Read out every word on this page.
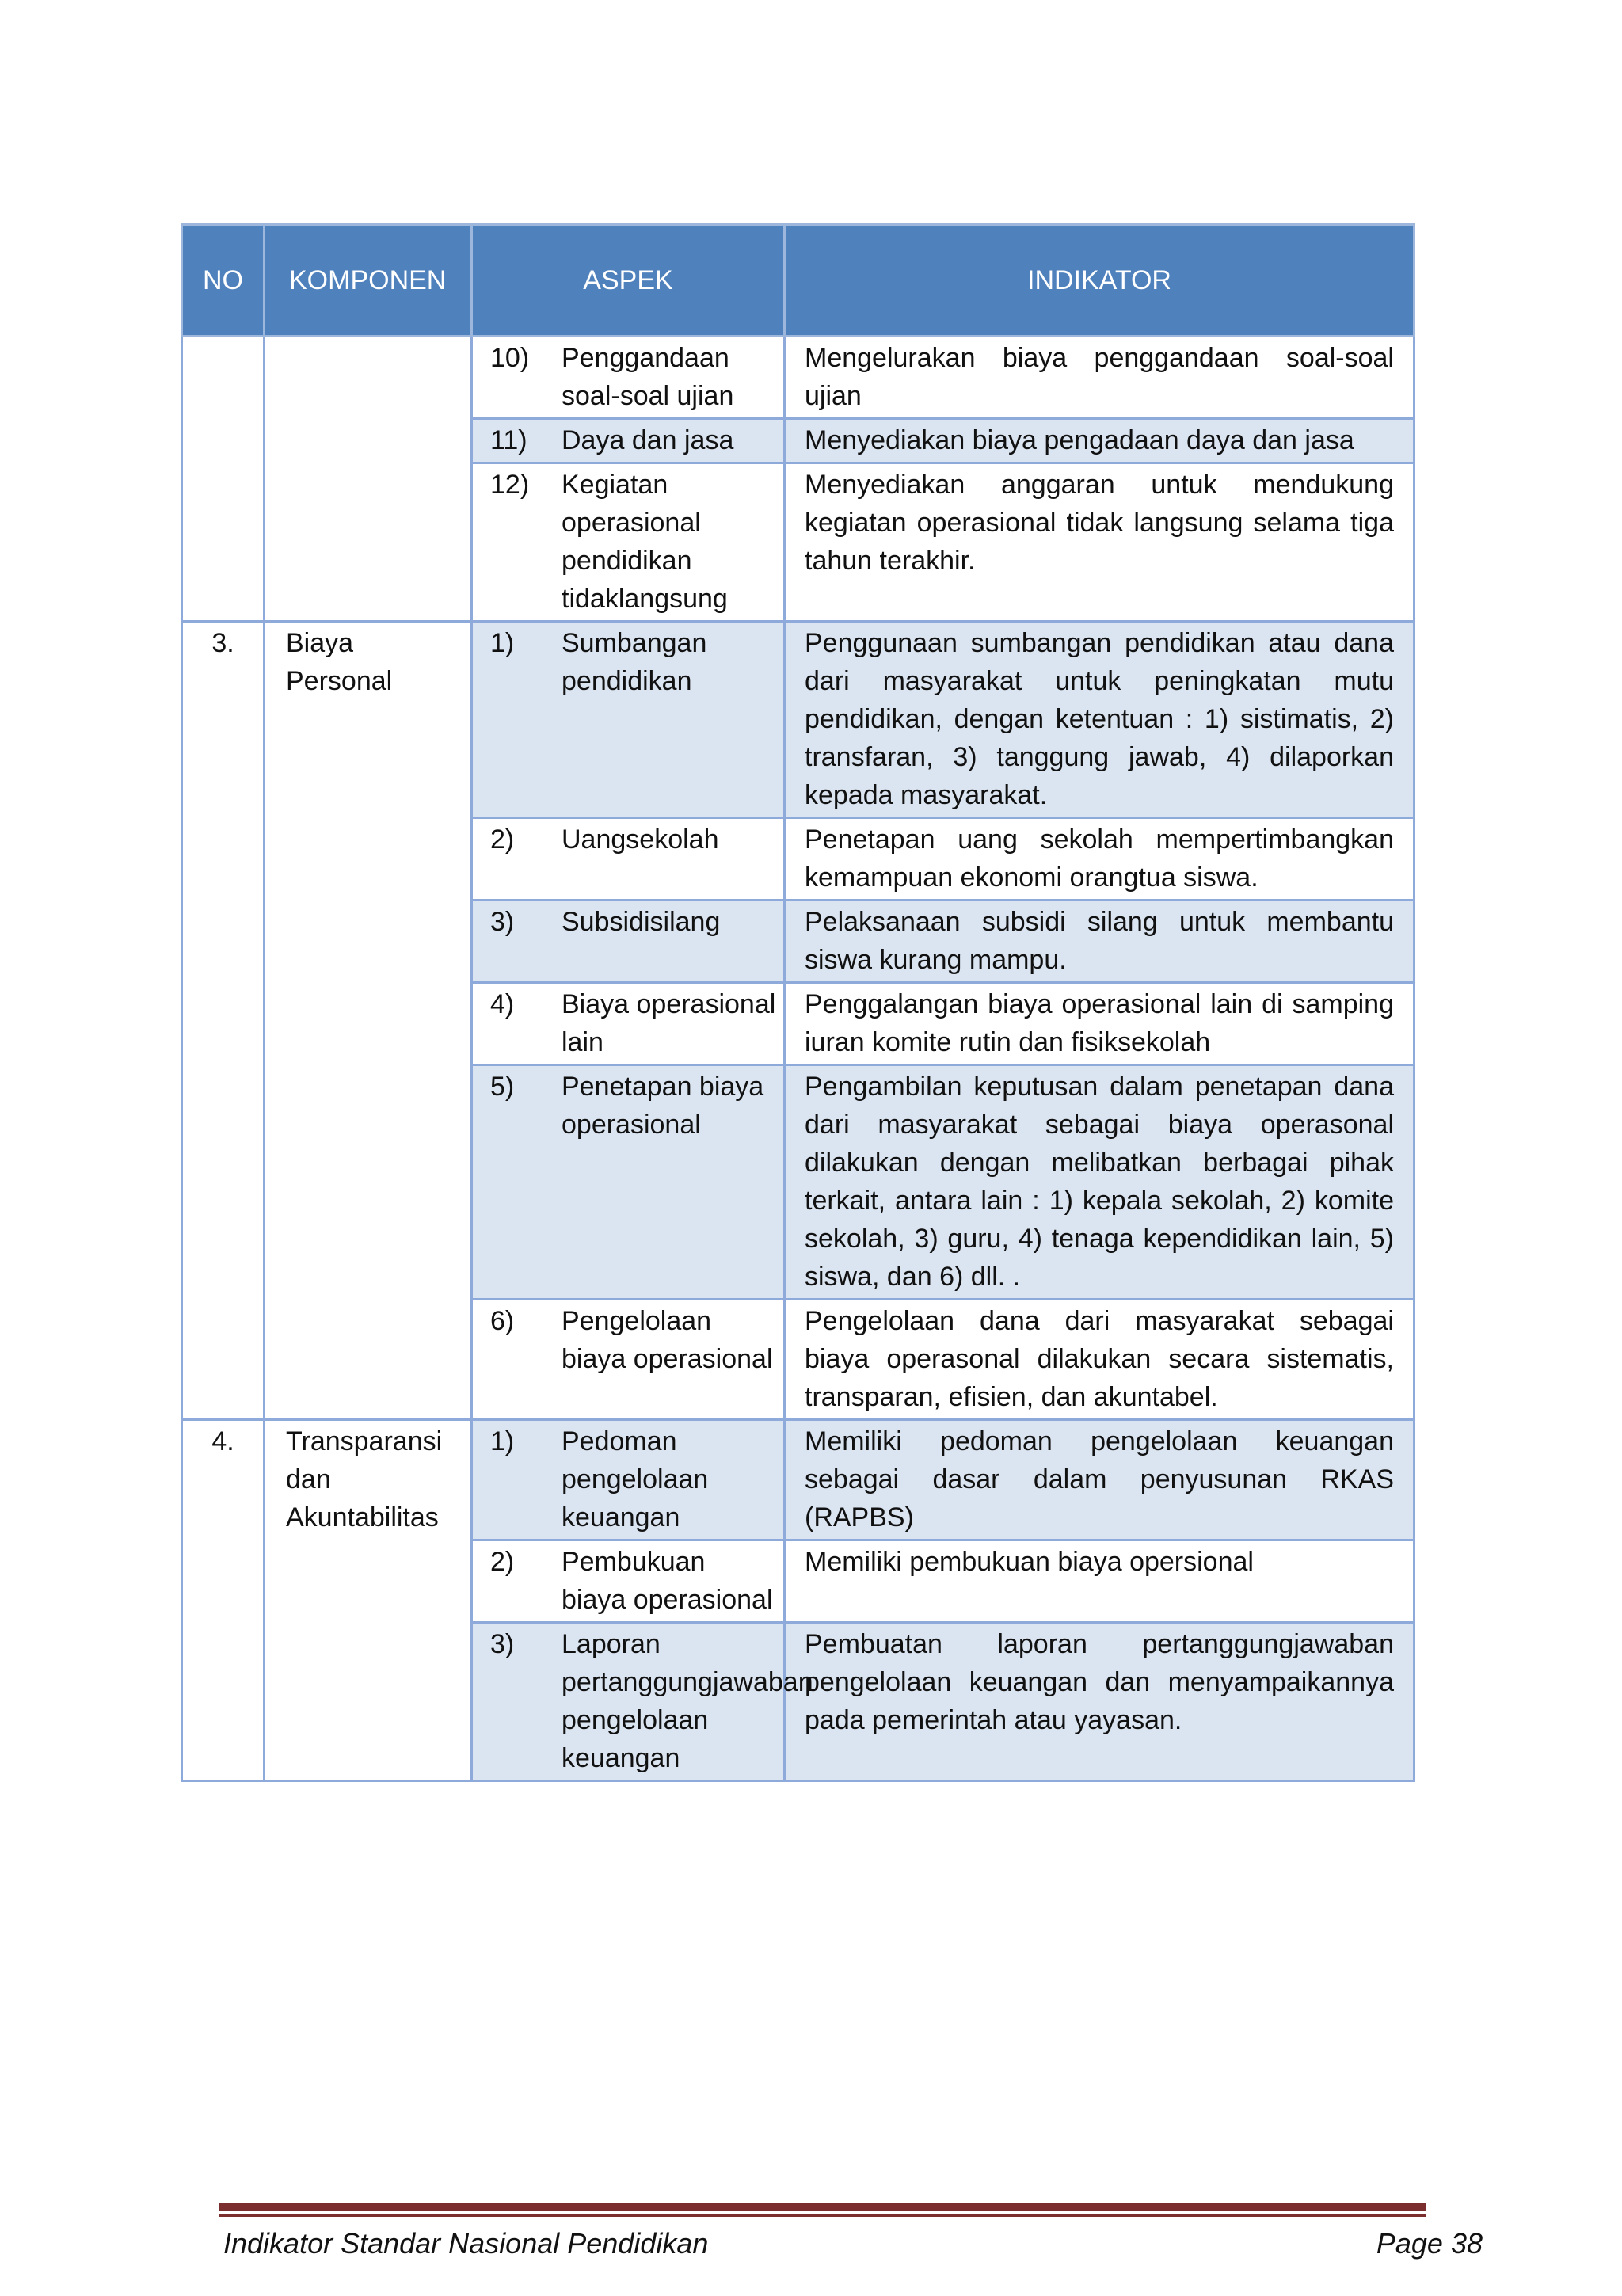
NO	KOMPONEN	ASPEK	INDIKATOR

		10) Penggandaan soal-soal ujian	Mengelurakan biaya penggandaan soal-soal ujian

		11) Daya dan jasa	Menyediakan biaya pengadaan daya dan jasa

		12) Kegiatan operasional pendidikan tidaklangsung	Menyediakan anggaran untuk mendukung kegiatan operasional tidak langsung selama tiga tahun terakhir.
3.	Biaya Personal	1) Sumbangan pendidikan	Penggunaan sumbangan pendidikan atau dana dari masyarakat untuk peningkatan mutu pendidikan, dengan ketentuan : 1) sistimatis, 2) transfaran, 3) tanggung jawab, 4) dilaporkan kepada masyarakat.

		2) Uangsekolah	Penetapan uang sekolah mempertimbangkan kemampuan ekonomi orangtua siswa.

		3) Subsidisilang	Pelaksanaan subsidi silang untuk membantu siswa kurang mampu.

		4) Biaya operasional lain	Penggalangan biaya operasional lain di samping iuran komite rutin dan fisiksekolah

		5) Penetapan biaya operasional	Pengambilan keputusan dalam penetapan dana dari masyarakat sebagai biaya operasonal dilakukan dengan melibatkan berbagai pihak terkait, antara lain : 1) kepala sekolah, 2) komite sekolah, 3) guru, 4) tenaga kependidikan lain, 5) siswa, dan 6) dll. .

		6) Pengelolaan biaya operasional	Pengelolaan dana dari masyarakat sebagai biaya operasonal dilakukan secara sistematis, transparan, efisien, dan akuntabel.
4.	Transparansi dan Akuntabilitas	1) Pedoman pengelolaan keuangan	Memiliki pedoman pengelolaan keuangan sebagai dasar dalam penyusunan RKAS (RAPBS)

		2) Pembukuan biaya operasional	Memiliki pembukuan biaya opersional

		3) Laporan pertanggungjawaban pengelolaan keuangan	Pembuatan laporan pertanggungjawaban pengelolaan keuangan dan menyampaikannya pada pemerintah atau yayasan.
Indikator Standar Nasional Pendidikan	Page 38
